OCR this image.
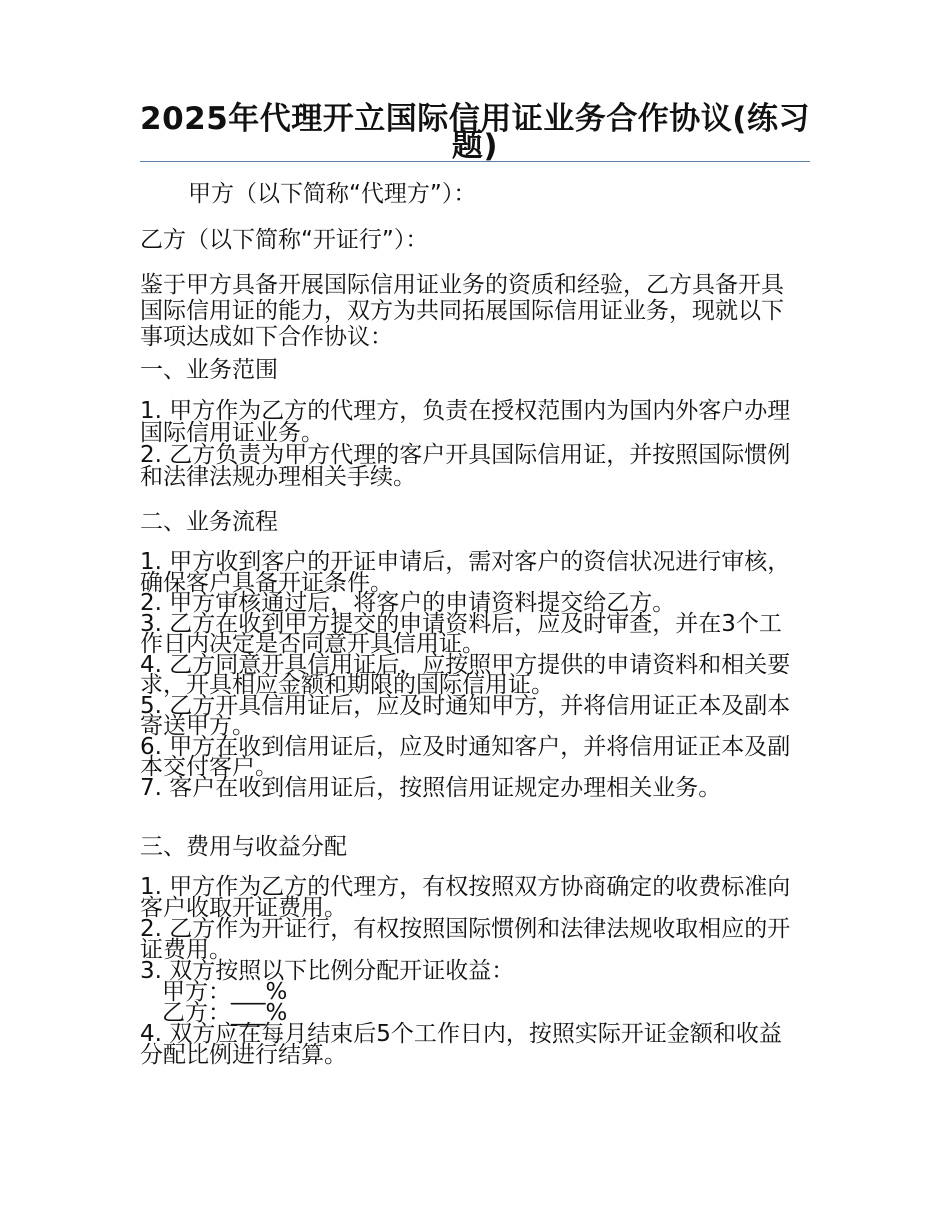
2025年代理开立国际信用证业务合作协议(练习题)
甲方（以下简称“代理方”）：
乙方（以下简称“开证行”）：
鉴于甲方具备开展国际信用证业务的资质和经验，乙方具备开具国际信用证的能力，双方为共同拓展国际信用证业务，现就以下事项达成如下合作协议：
一、业务范围

1. 甲方作为乙方的代理方，负责在授权范围内为国内外客户办理国际信用证业务。

2. 乙方负责为甲方代理的客户开具国际信用证，并按照国际惯例和法律法规办理相关手续。

二、业务流程

1. 甲方收到客户的开证申请后，需对客户的资信状况进行审核，确保客户具备开证条件。

2. 甲方审核通过后，将客户的申请资料提交给乙方。

3. 乙方在收到甲方提交的申请资料后，应及时审查，并在3个工作日内决定是否同意开具信用证。

4. 乙方同意开具信用证后，应按照甲方提供的申请资料和相关要求，开具相应金额和期限的国际信用证。

5. 乙方开具信用证后，应及时通知甲方，并将信用证正本及副本寄送甲方。

6. 甲方在收到信用证后，应及时通知客户，并将信用证正本及副本交付客户。

7. 客户在收到信用证后，按照信用证规定办理相关业务。

三、费用与收益分配

1. 甲方作为乙方的代理方，有权按照双方协商确定的收费标准向客户收取开证费用。

2. 乙方作为开证行，有权按照国际惯例和法律法规收取相应的开证费用。

3. 双方按照以下比例分配开证收益：

甲方：___%

乙方：___%

4. 双方应在每月结束后5个工作日内，按照实际开证金额和收益分配比例进行结算。
